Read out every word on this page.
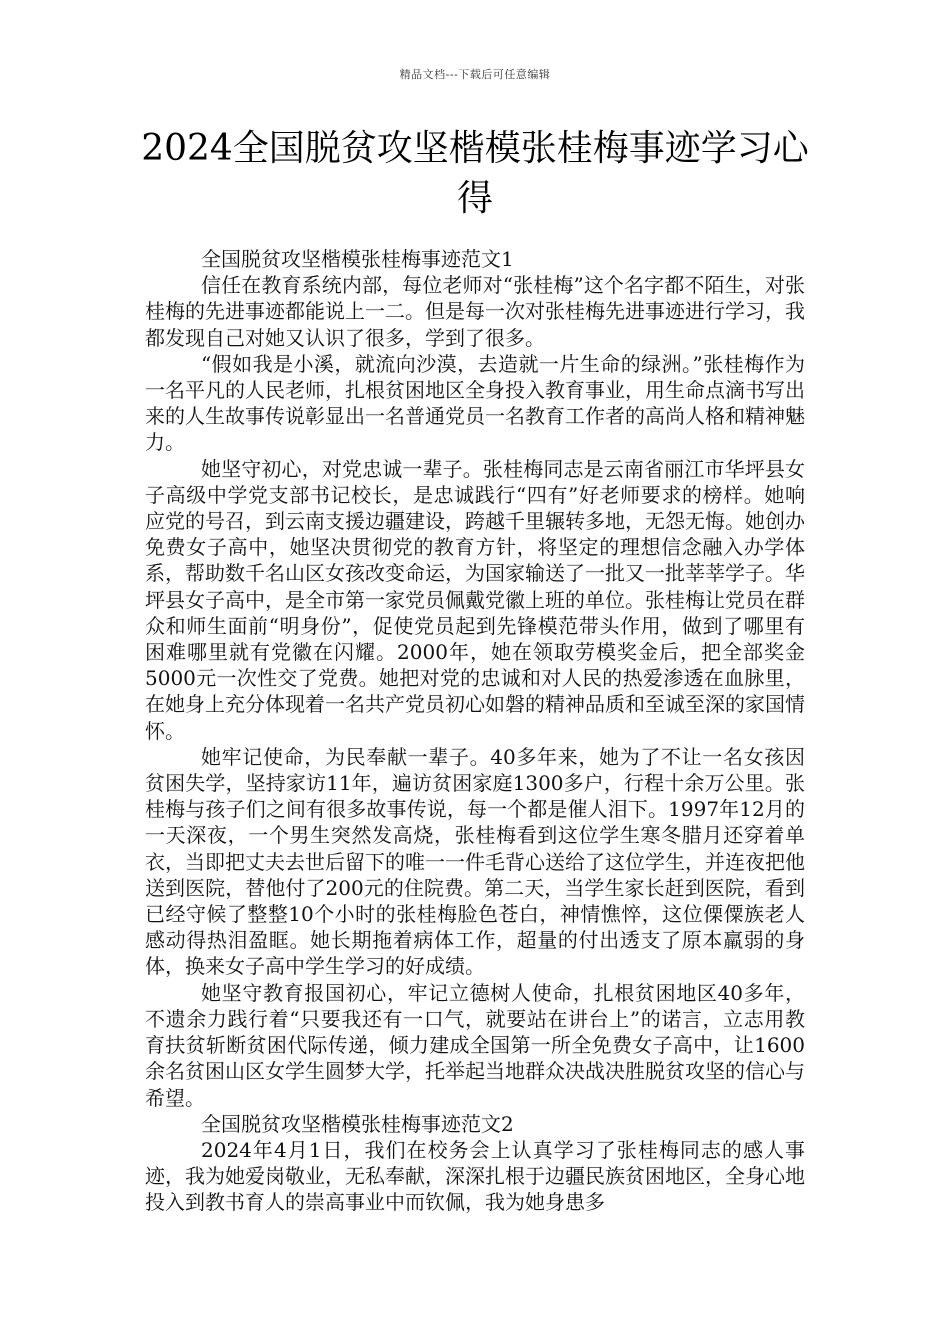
精品文档---下载后可任意编辑
2024全国脱贫攻坚楷模张桂梅事迹学习心得

全国脱贫攻坚楷模张桂梅事迹范文1

信任在教育系统内部，每位老师对“张桂梅”这个名字都不陌生，对张桂梅的先进事迹都能说上一二。但是每一次对张桂梅先进事迹进行学习，我都发现自己对她又认识了很多，学到了很多。

“假如我是小溪，就流向沙漠，去造就一片生命的绿洲。”张桂梅作为一名平凡的人民老师，扎根贫困地区全身投入教育事业，用生命点滴书写出来的人生故事传说彰显出一名普通党员一名教育工作者的高尚人格和精神魅力。

她坚守初心，对党忠诚一辈子。张桂梅同志是云南省丽江市华坪县女子高级中学党支部书记校长，是忠诚践行“四有”好老师要求的榜样。她响应党的号召，到云南支援边疆建设，跨越千里辗转多地，无怨无悔。她创办免费女子高中，她坚决贯彻党的教育方针，将坚定的理想信念融入办学体系，帮助数千名山区女孩改变命运，为国家输送了一批又一批莘莘学子。华坪县女子高中，是全市第一家党员佩戴党徽上班的单位。张桂梅让党员在群众和师生面前“明身份”，促使党员起到先锋模范带头作用，做到了哪里有困难哪里就有党徽在闪耀。2000年，她在领取劳模奖金后，把全部奖金5000元一次性交了党费。她把对党的忠诚和对人民的热爱渗透在血脉里，在她身上充分体现着一名共产党员初心如磐的精神品质和至诚至深的家国情怀。

她牢记使命，为民奉献一辈子。40多年来，她为了不让一名女孩因贫困失学，坚持家访11年，遍访贫困家庭1300多户，行程十余万公里。张桂梅与孩子们之间有很多故事传说，每一个都是催人泪下。1997年12月的一天深夜，一个男生突然发高烧，张桂梅看到这位学生寒冬腊月还穿着单衣，当即把丈夫去世后留下的唯一一件毛背心送给了这位学生，并连夜把他送到医院，替他付了200元的住院费。第二天，当学生家长赶到医院，看到已经守候了整整10个小时的张桂梅脸色苍白，神情憔悴，这位傈僳族老人感动得热泪盈眶。她长期拖着病体工作，超量的付出透支了原本羸弱的身体，换来女子高中学生学习的好成绩。

她坚守教育报国初心，牢记立德树人使命，扎根贫困地区40多年，不遗余力践行着“只要我还有一口气，就要站在讲台上”的诺言，立志用教育扶贫斩断贫困代际传递，倾力建成全国第一所全免费女子高中，让1600余名贫困山区女学生圆梦大学，托举起当地群众决战决胜脱贫攻坚的信心与希望。

全国脱贫攻坚楷模张桂梅事迹范文2

2024年4月1日，我们在校务会上认真学习了张桂梅同志的感人事迹，我为她爱岗敬业，无私奉献，深深扎根于边疆民族贫困地区，全身心地投入到教书育人的崇高事业中而钦佩，我为她身患多
